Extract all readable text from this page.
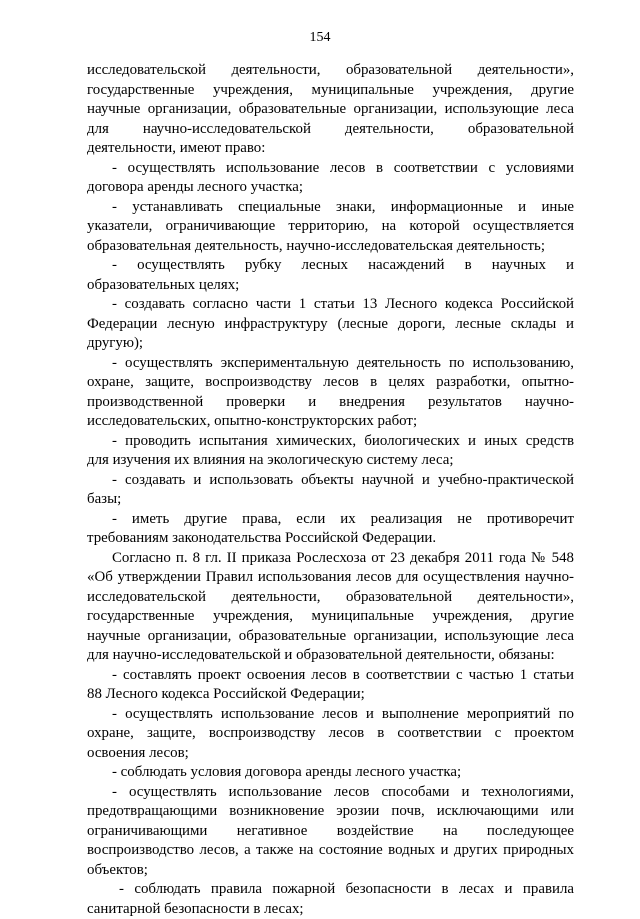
154
исследовательской деятельности, образовательной деятельности»,
государственные учреждения, муниципальные учреждения, другие
научные организации, образовательные организации, использующие леса
для научно-исследовательской деятельности, образовательной
деятельности, имеют право:
- осуществлять использование лесов в соответствии с условиями
договора аренды лесного участка;
- устанавливать специальные знаки, информационные и иные
указатели, ограничивающие территорию, на которой осуществляется
образовательная деятельность, научно-исследовательская деятельность;
- осуществлять рубку лесных насаждений в научных и
образовательных целях;
- создавать согласно части 1 статьи 13 Лесного кодекса Российской
Федерации лесную инфраструктуру (лесные дороги, лесные склады и
другую);
- осуществлять экспериментальную деятельность по использованию,
охране, защите, воспроизводству лесов в целях разработки, опытно-
производственной проверки и внедрения результатов научно-
исследовательских, опытно-конструкторских работ;
- проводить испытания химических, биологических и иных средств
для изучения их влияния на экологическую систему леса;
- создавать и использовать объекты научной и учебно-практической
базы;
- иметь другие права, если их реализация не противоречит
требованиям законодательства Российской Федерации.
Согласно п. 8 гл. II приказа Рослесхоза от 23 декабря 2011 года № 548
«Об утверждении Правил использования лесов для осуществления научно-
исследовательской деятельности, образовательной деятельности»,
государственные учреждения, муниципальные учреждения, другие
научные организации, образовательные организации, использующие леса
для научно-исследовательской и образовательной деятельности, обязаны:
- составлять проект освоения лесов в соответствии с частью 1 статьи
88 Лесного кодекса Российской Федерации;
- осуществлять использование лесов и выполнение мероприятий по
охране, защите, воспроизводству лесов в соответствии с проектом
освоения лесов;
- соблюдать условия договора аренды лесного участка;
- осуществлять использование лесов способами и технологиями,
предотвращающими возникновение эрозии почв, исключающими или
ограничивающими негативное воздействие на последующее
воспроизводство лесов, а также на состояние водных и других природных
объектов;
- соблюдать правила пожарной безопасности в лесах и правила
санитарной безопасности в лесах;
